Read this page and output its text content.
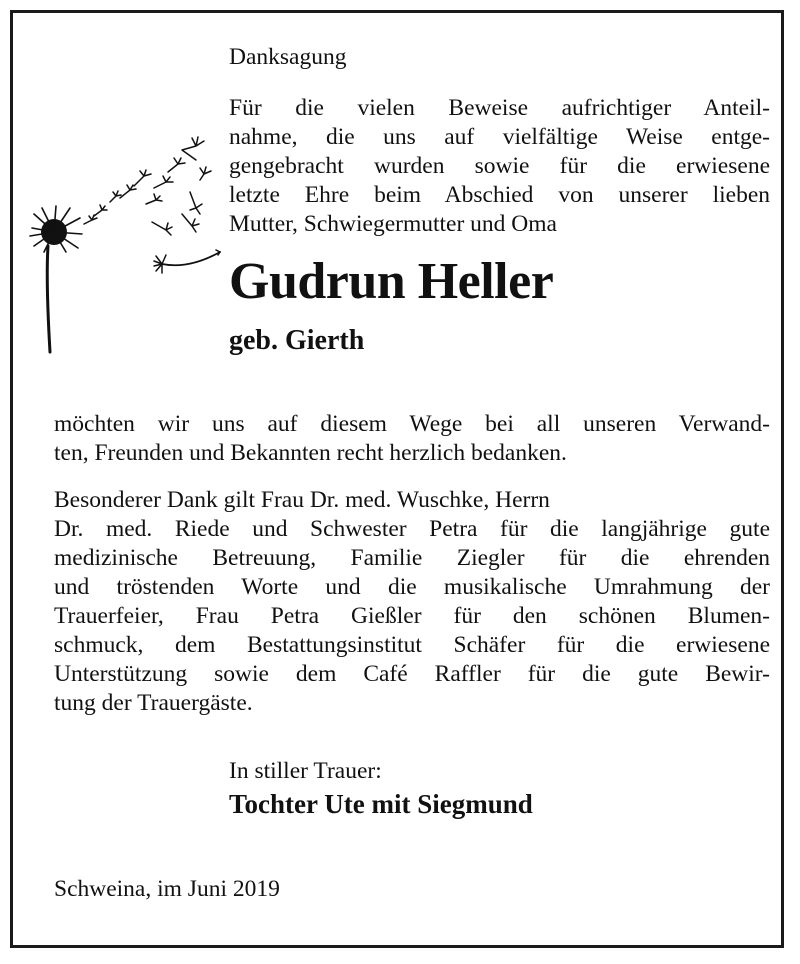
Danksagung
Für die vielen Beweise aufrichtiger Anteil-
nahme, die uns auf vielfältige Weise entge-
gengebracht wurden sowie für die erwiesene
letzte Ehre beim Abschied von unserer lieben
Mutter, Schwiegermutter und Oma
Gudrun Heller
geb. Gierth
möchten wir uns auf diesem Wege bei all unseren Verwand-
ten, Freunden und Bekannten recht herzlich bedanken.
Besonderer Dank gilt Frau Dr. med. Wuschke, Herrn
Dr. med. Riede und Schwester Petra für die langjährige gute
medizinische Betreuung, Familie Ziegler für die ehrenden
und tröstenden Worte und die musikalische Umrahmung der
Trauerfeier, Frau Petra Gießler für den schönen Blumen-
schmuck, dem Bestattungsinstitut Schäfer für die erwiesene
Unterstützung sowie dem Café Raffler für die gute Bewir-
tung der Trauergäste.
In stiller Trauer:
Tochter Ute mit Siegmund
Schweina, im Juni 2019
